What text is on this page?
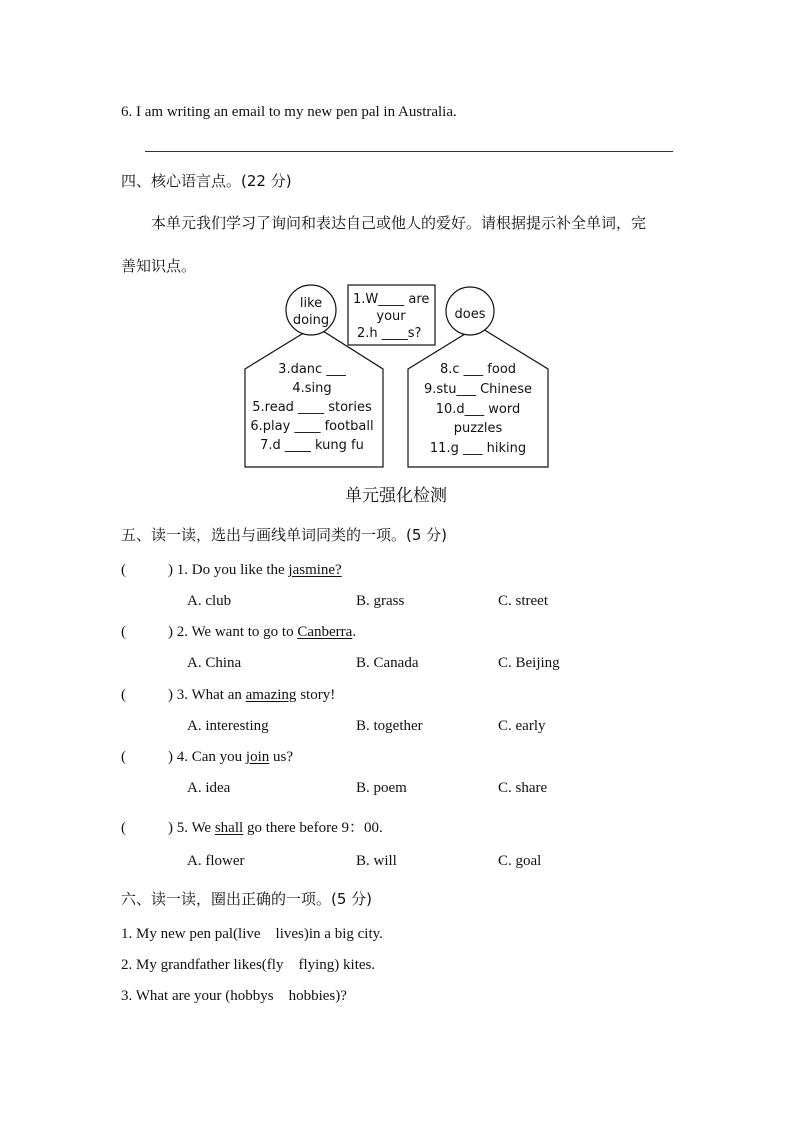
6. I am writing an email to my new pen pal in Australia.
四、核心语言点。(22 分)
本单元我们学习了询问和表达自己或他人的爱好。请根据提示补全单词，完
善知识点。
like
doing	does
1.W____ are
your
2.h ____s?
3.danc ___
4.sing
5.read ____ stories
6.play ____ football
7.d ____ kung fu
8.c ___ food
9.stu___ Chinese
10.d___ word
puzzles
11.g ___ hiking
单元强化检测
五、读一读，选出与画线单词同类的一项。(5 分)
(	) 1. Do you like the jasmine?
A. club	B. grass	C. street
(	) 2. We want to go to Canberra.
A. China	B. Canada	C. Beijing
(	) 3. What an amazing story!
A. interesting	B. together	C. early
(	) 4. Can you join us?
A. idea	B. poem	C. share
(	) 5. We shall go there before 9：00.
A. flower	B. will	C. goal
六、读一读，圈出正确的一项。(5 分)
1. My new pen pal(live    lives)in a big city.
2. My grandfather likes(fly    flying) kites.
3. What are your (hobbys    hobbies)?
